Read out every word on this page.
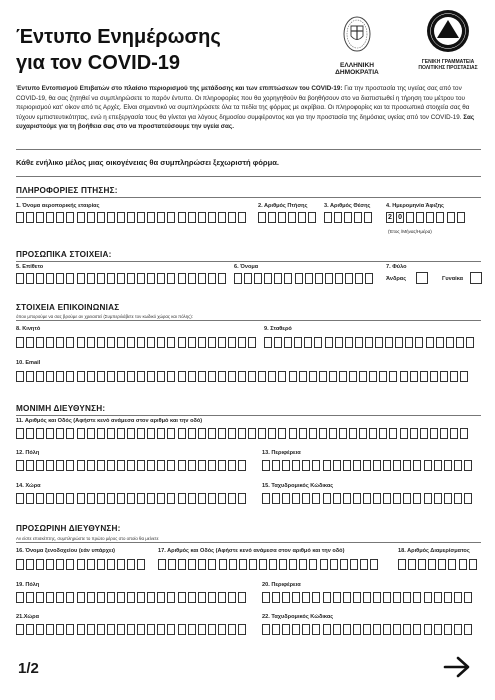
Έντυπο Ενημέρωσης
για τον COVID-19	ΕΛΛΗΝΙΚΗ ΔΗΜΟΚΡΑΤΙΑ
ΓΕΝΙΚΗ ΓΡΑΜΜΑΤΕΙΑ
ΠΟΛΙΤΙΚΗΣ ΠΡΟΣΤΑΣΙΑΣ
Έντυπο Εντοπισμού Επιβατών στο πλαίσιο περιορισμού της μετάδοσης και των επιπτώσεων του COVID-19: Για την προστασία της υγείας σας από τον COVID-19, θα σας ζητηθεί να συμπληρώσετε το παρόν έντυπο. Οι πληροφορίες που θα χορηγηθούν θα βοηθήσουν στο να διαπιστωθεί η τήρηση του μέτρου του περιορισμού κατ' οίκον από τις Αρχές. Είναι σημαντικό να συμπληρώσετε όλα τα πεδία της φόρμας με ακρίβεια. Οι πληροφορίες και τα προσωπικά στοιχεία σας θα τύχουν εμπιστευτικότητας, ενώ η επεξεργασία τους θα γίνεται για λόγους δημοσίου συμφέροντος και για την προστασία της δημόσιας υγείας από τον COVID-19. Σας ευχαριστούμε για τη βοήθεια σας στο να προστατεύσουμε την υγεία σας.
Κάθε ενήλικο μέλος μιας οικογένειας θα συμπληρώσει ξεχωριστή φόρμα.
ΠΛΗΡΟΦΟΡΙΕΣ ΠΤΗΣΗΣ:
1. Όνομα αεροπορικής εταιρίας	2. Αριθμός Πτήσης	3. Αριθμός Θέσης	4. Ημερομηνία Άφιξης
2 0
(Έτος /Μήνας/Ημέρα)
ΠΡΟΣΩΠΙΚΑ ΣΤΟΙΧΕΙΑ:
5. Επίθετο	6. Όνομα	7. Φύλο
Άνδρας	Γυναίκα
ΣΤΟΙΧΕΙΑ ΕΠΙΚΟΙΝΩΝΙΑΣ
όπου μπορούμε να σας βρούμε αν χρειαστεί (Συμπεριλάβετε τον κωδικό χώρας και πόλης):
8. Κινητό	9. Σταθερό
10. Email
ΜΟΝΙΜΗ ΔΙΕΥΘΥΝΣΗ:
11. Αριθμός και Οδός (Αφήστε κενό ανάμεσα στον αριθμό και την οδό)
12. Πόλη	13. Περιφέρεια
14. Χώρα	15. Ταχυδρομικός Κώδικας
ΠΡΟΣΩΡΙΝΗ ΔΙΕΥΘΥΝΣΗ:
Αν είστε επισκέπτης, συμπληρώστε το πρώτο μέρος στο οποίο θα μείνετε
16. Όνομα ξενοδοχείου (εάν υπάρχει)	17. Αριθμός και Οδός (Αφήστε κενό ανάμεσα στον αριθμό και την οδό)	18. Αριθμός Διαμερίσματος
19. Πόλη	20. Περιφέρεια
21.Χώρα	22. Ταχυδρομικός Κώδικας
1/2
